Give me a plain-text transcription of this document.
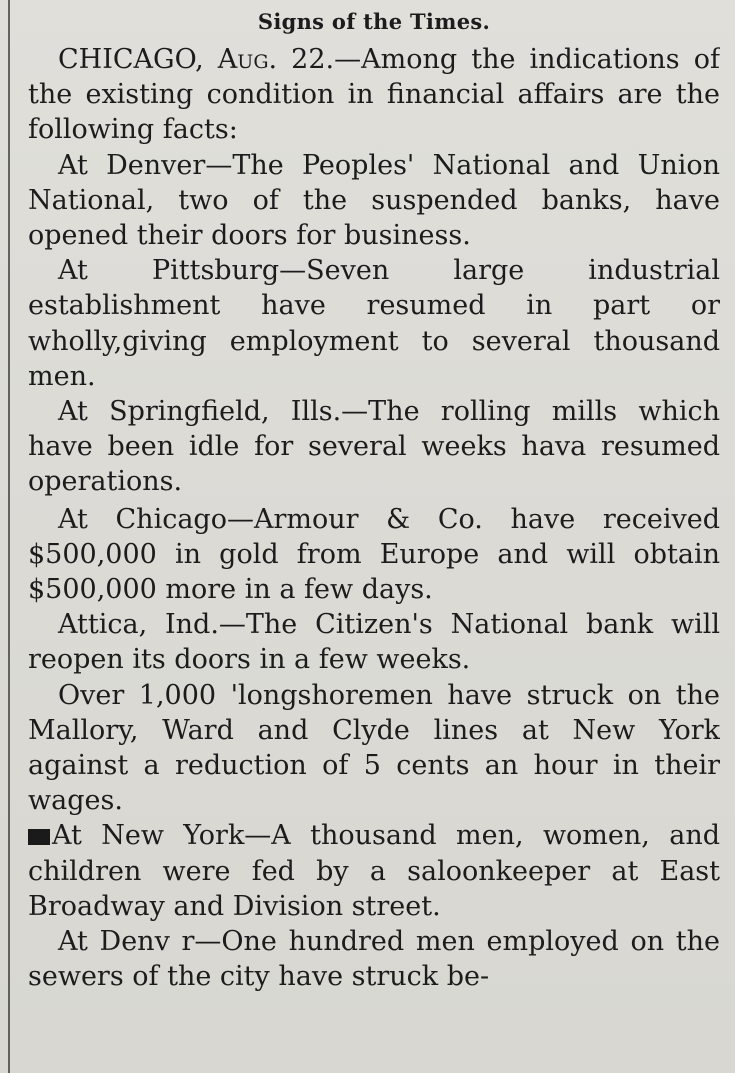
Signs of the Times.

CHICAGO, Aug. 22.—Among the indications of the existing condition in financial affairs are the following facts:

At Denver—The Peoples' National and Union National, two of the suspended banks, have opened their doors for business.

At Pittsburg—Seven large industrial establishment have resumed in part or wholly,giving employment to several thousand men.

At Springfield, Ills.—The rolling mills which have been idle for several weeks hava resumed operations.

At Chicago—Armour & Co. have received $500,000 in gold from Europe and will obtain $500,000 more in a few days.

Attica, Ind.—The Citizen's National bank will reopen its doors in a few weeks.

Over 1,000 'longshoremen have struck on the Mallory, Ward and Clyde lines at New York against a reduction of 5 cents an hour in their wages.

At New York—A thousand men, women, and children were fed by a saloonkeeper at East Broadway and Division street.

At Denv r—One hundred men employed on the sewers of the city have struck be-
